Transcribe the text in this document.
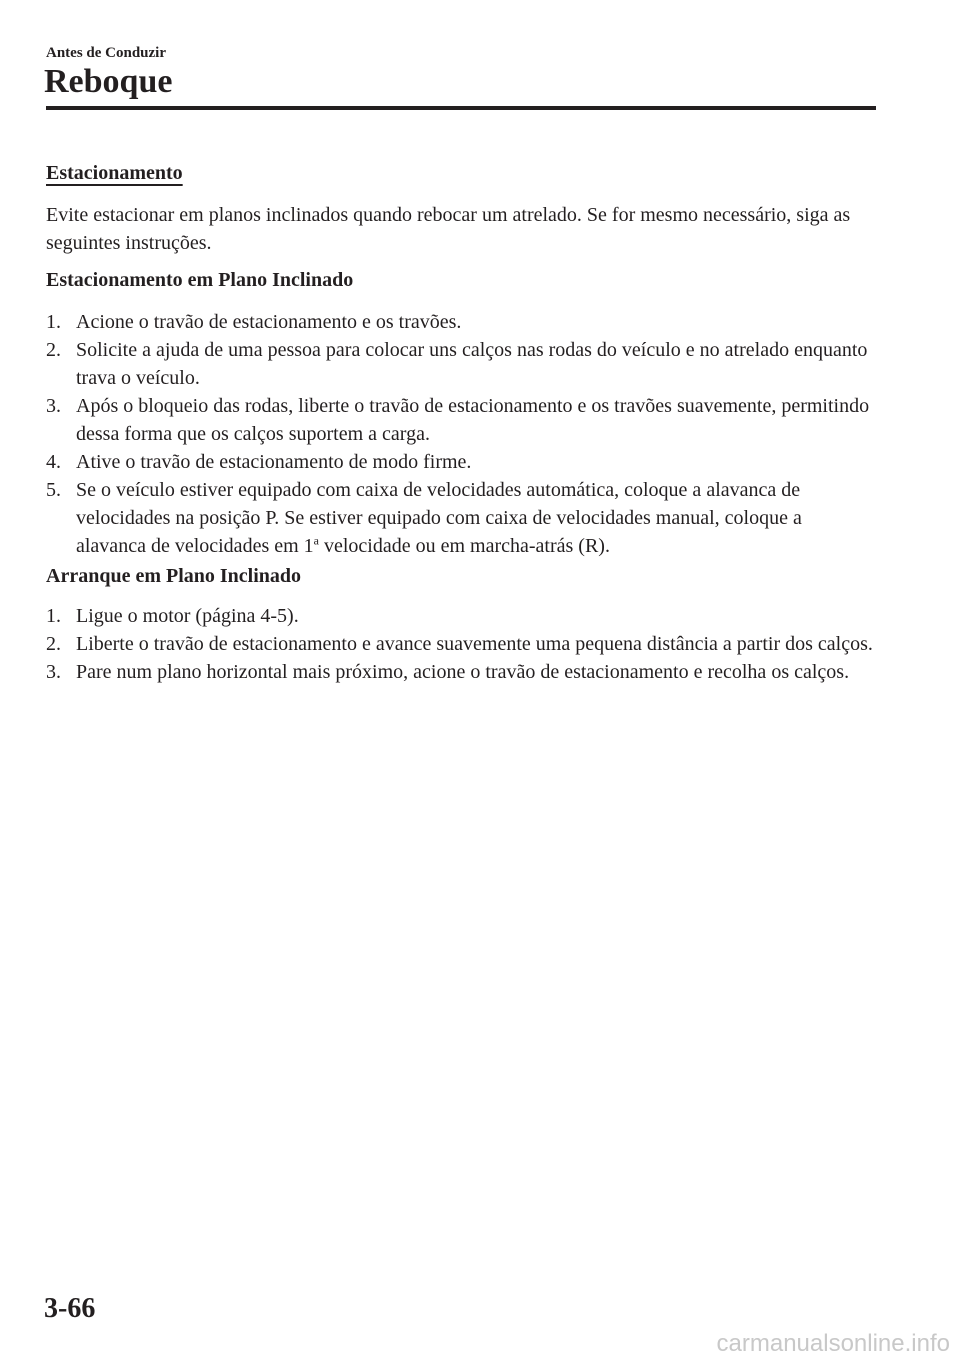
Antes de Conduzir
Reboque
Estacionamento
Evite estacionar em planos inclinados quando rebocar um atrelado. Se for mesmo necessário, siga as seguintes instruções.
Estacionamento em Plano Inclinado
1. Acione o travão de estacionamento e os travões.
2. Solicite a ajuda de uma pessoa para colocar uns calços nas rodas do veículo e no atrelado enquanto trava o veículo.
3. Após o bloqueio das rodas, liberte o travão de estacionamento e os travões suavemente, permitindo dessa forma que os calços suportem a carga.
4. Ative o travão de estacionamento de modo firme.
5. Se o veículo estiver equipado com caixa de velocidades automática, coloque a alavanca de velocidades na posição P. Se estiver equipado com caixa de velocidades manual, coloque a alavanca de velocidades em 1$^a$ velocidade ou em marcha-atrás (R).
Arranque em Plano Inclinado
1. Ligue o motor (página 4-5).
2. Liberte o travão de estacionamento e avance suavemente uma pequena distância a partir dos calços.
3. Pare num plano horizontal mais próximo, acione o travão de estacionamento e recolha os calços.
3-66
carmanualsonline.info
